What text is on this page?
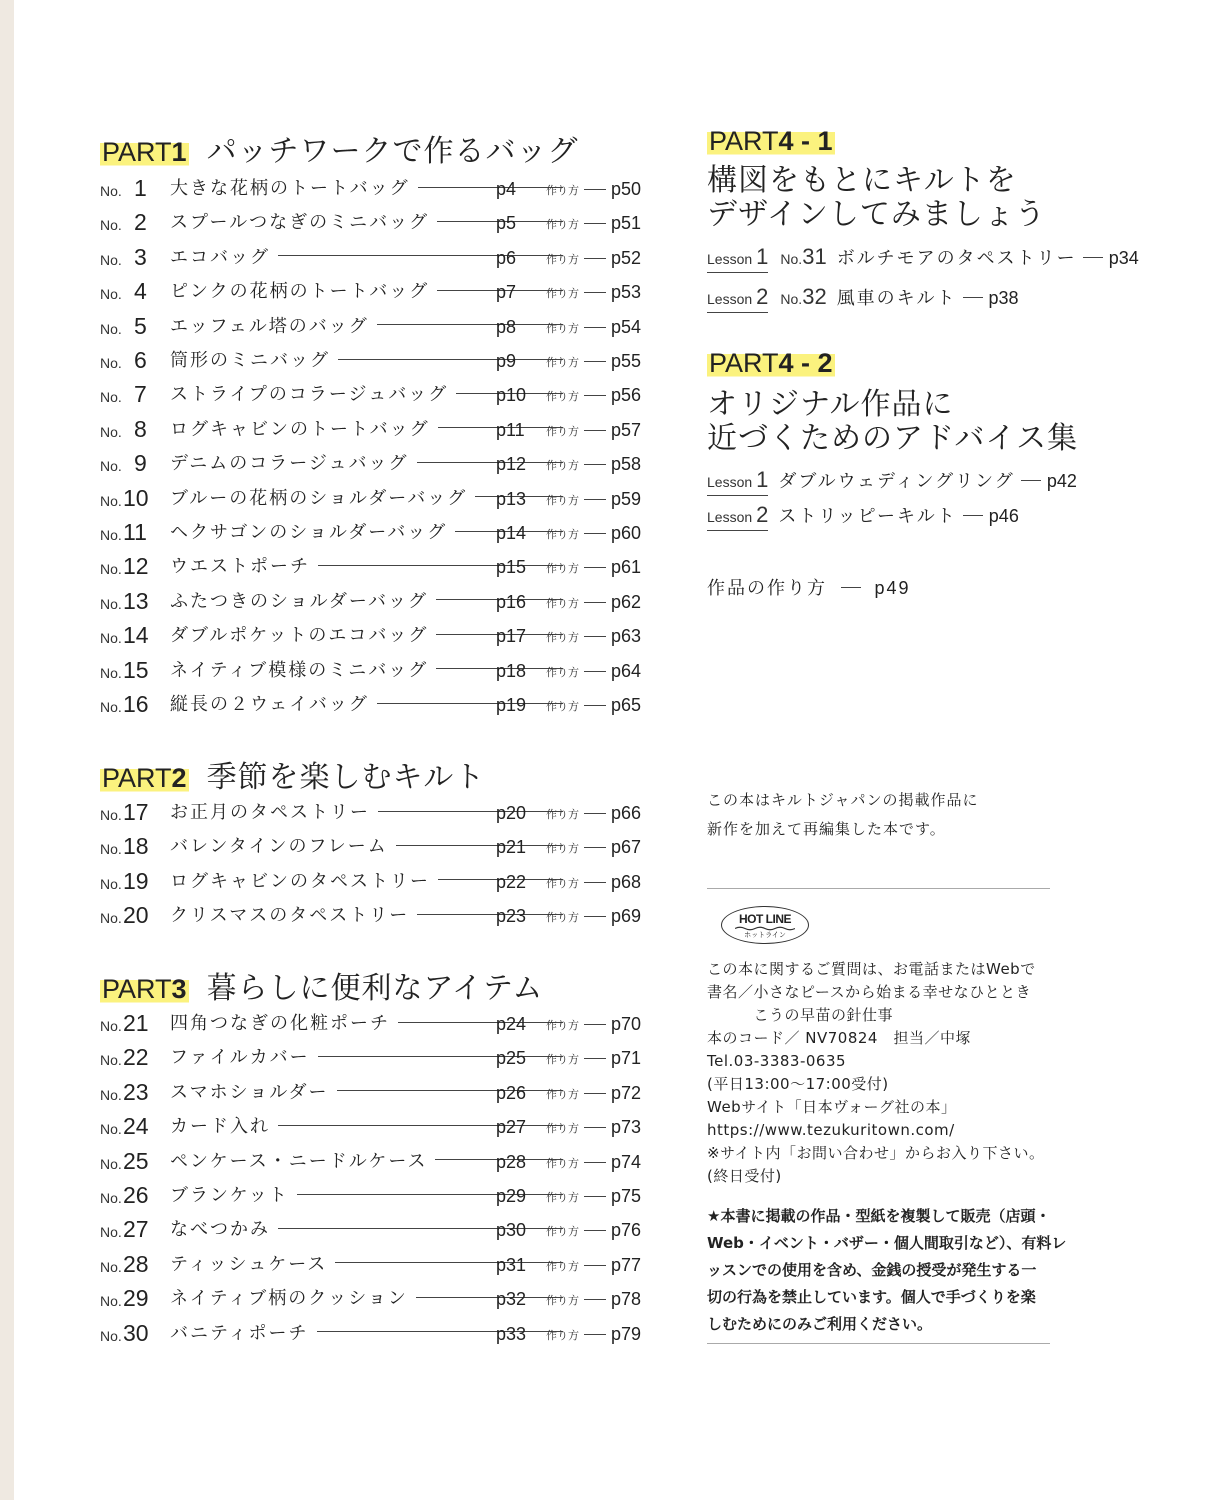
PART1 パッチワークで作るバッグ
No. 1 大きな花柄のトートバッグ	p4	作り方 p50
No. 2 スプールつなぎのミニバッグ	p5	作り方 p51
No. 3 エコバッグ	p6	作り方 p52
No. 4 ピンクの花柄のトートバッグ	p7	作り方 p53
No. 5 エッフェル塔のバッグ	p8	作り方 p54
No. 6 筒形のミニバッグ	p9	作り方 p55
No. 7 ストライプのコラージュバッグ	p10 作り方 p56
No. 8 ログキャビンのトートバッグ	p11 作り方 p57
No. 9 デニムのコラージュバッグ	p12 作り方 p58
No. 10 ブルーの花柄のショルダーバッグ p13 作り方 p59
No. 11 ヘクサゴンのショルダーバッグ	p14 作り方 p60
No. 12 ウエストポーチ	p15 作り方 p61
No. 13 ふたつきのショルダーバッグ	p16 作り方 p62
No. 14 ダブルポケットのエコバッグ	p17 作り方 p63
No. 15 ネイティブ模様のミニバッグ	p18 作り方 p64
No. 16 縦長の２ウェイバッグ	p19 作り方 p65
PART2 季節を楽しむキルト
No. 17 お正月のタペストリー	p20 作り方 p66
No. 18 バレンタインのフレーム	p21 作り方 p67
No. 19 ログキャビンのタペストリー	p22 作り方 p68
No. 20 クリスマスのタペストリー	p23 作り方 p69
PART3 暮らしに便利なアイテム
No. 21 四角つなぎの化粧ポーチ	p24 作り方 p70
No. 22 ファイルカバー	p25 作り方 p71
No. 23 スマホショルダー	p26 作り方 p72
No. 24 カード入れ	p27 作り方 p73
No. 25 ペンケース・ニードルケース	p28 作り方 p74
No. 26 ブランケット	p29 作り方 p75
No. 27 なべつかみ	p30 作り方 p76
No. 28 ティッシュケース	p31 作り方 p77
No. 29 ネイティブ柄のクッション	p32 作り方 p78
No. 30 バニティポーチ	p33 作り方 p79
PART4 - 1
構図をもとにキルトを
デザインしてみましょう
Lesson 1 No.31 ボルチモアのタペストリー p34
Lesson 2 No.32 風車のキルト p38
PART4 - 2
オリジナル作品に
近づくためのアドバイス集
Lesson 1 ダブルウェディングリング p42
Lesson 2 ストリッピーキルト p46
作品の作り方	p49
この本はキルトジャパンの掲載作品に
新作を加えて再編集した本です。
HOT LINE
ホットライン
この本に関するご質問は、お電話またはWebで
書名／小さなピースから始まる幸せなひととき
　　　こうの早苗の針仕事
本のコード／ NV70824　担当／中塚
Tel.03-3383-0635
(平日13:00～17:00受付)
Webサイト「日本ヴォーグ社の本」
https://www.tezukuritown.com/
※サイト内「お問い合わせ」からお入り下さい。
(終日受付)
★本書に掲載の作品・型紙を複製して販売（店頭・
Web・イベント・バザー・個人間取引など）、有料レ
ッスンでの使用を含め、金銭の授受が発生する一
切の行為を禁止しています。個人で手づくりを楽
しむためにのみご利用ください。
